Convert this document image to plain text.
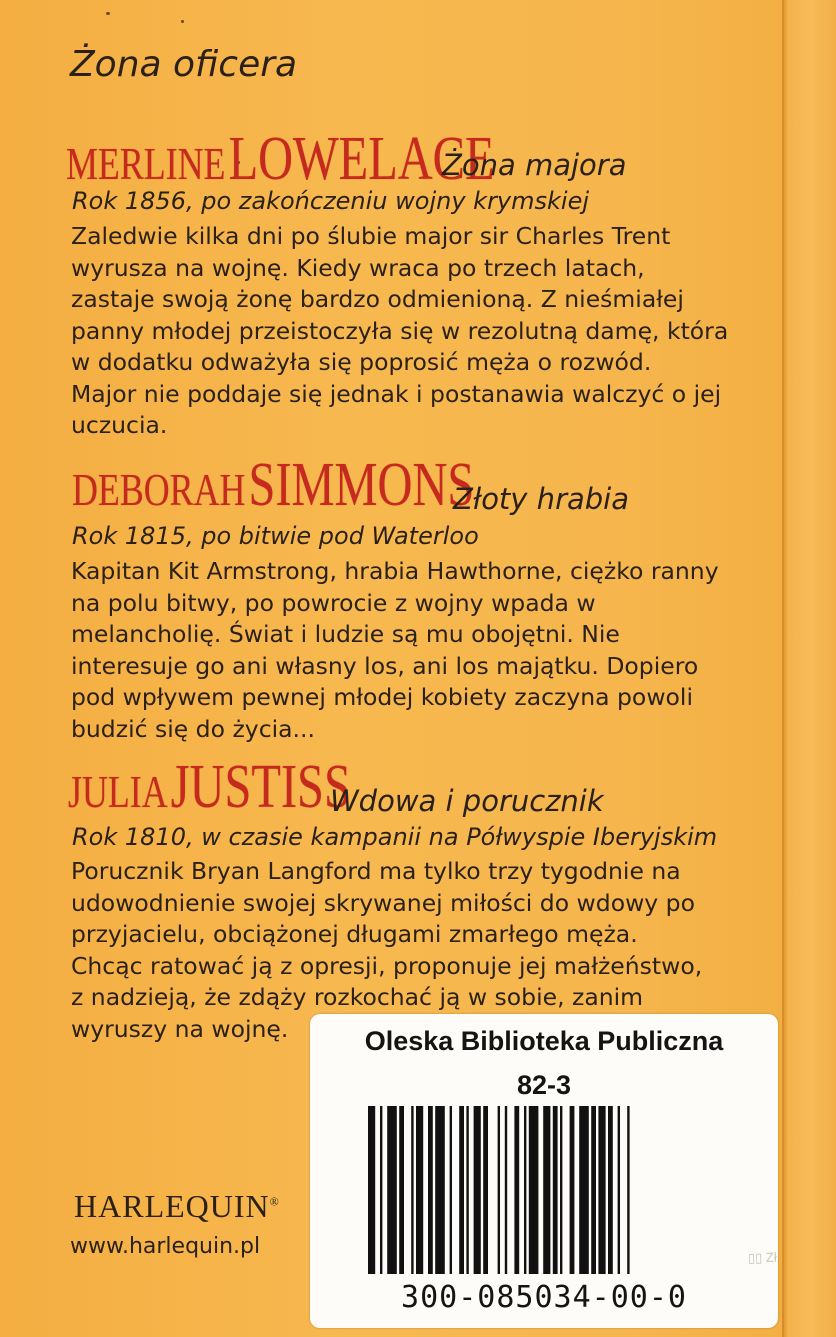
Żona oficera
MERLINE LOWELACE
Żona majora
Rok 1856, po zakończeniu wojny krymskiej
Zaledwie kilka dni po ślubie major sir Charles Trent
wyrusza na wojnę. Kiedy wraca po trzech latach,
zastaje swoją żonę bardzo odmienioną. Z nieśmiałej
panny młodej przeistoczyła się w rezolutną damę, która
w dodatku odważyła się poprosić męża o rozwód.
Major nie poddaje się jednak i postanawia walczyć o jej
uczucia.
DEBORAH SIMMONS
Złoty hrabia
Rok 1815, po bitwie pod Waterloo
Kapitan Kit Armstrong, hrabia Hawthorne, ciężko ranny
na polu bitwy, po powrocie z wojny wpada w
melancholię. Świat i ludzie są mu obojętni. Nie
interesuje go ani własny los, ani los majątku. Dopiero
pod wpływem pewnej młodej kobiety zaczyna powoli
budzić się do życia...
JULIA JUSTISS
Wdowa i porucznik
Rok 1810, w czasie kampanii na Półwyspie Iberyjskim
Porucznik Bryan Langford ma tylko trzy tygodnie na
udowodnienie swojej skrywanej miłości do wdowy po
przyjacielu, obciążonej długami zmarłego męża.
Chcąc ratować ją z opresji, proponuje jej małżeństwo,
z nadzieją, że zdąży rozkochać ją w sobie, zanim
wyruszy na wojnę.
HARLEQUIN®
www.harlequin.pl
Oleska Biblioteka Publiczna
82-3
▯▯ Zł
300-085034-00-0
